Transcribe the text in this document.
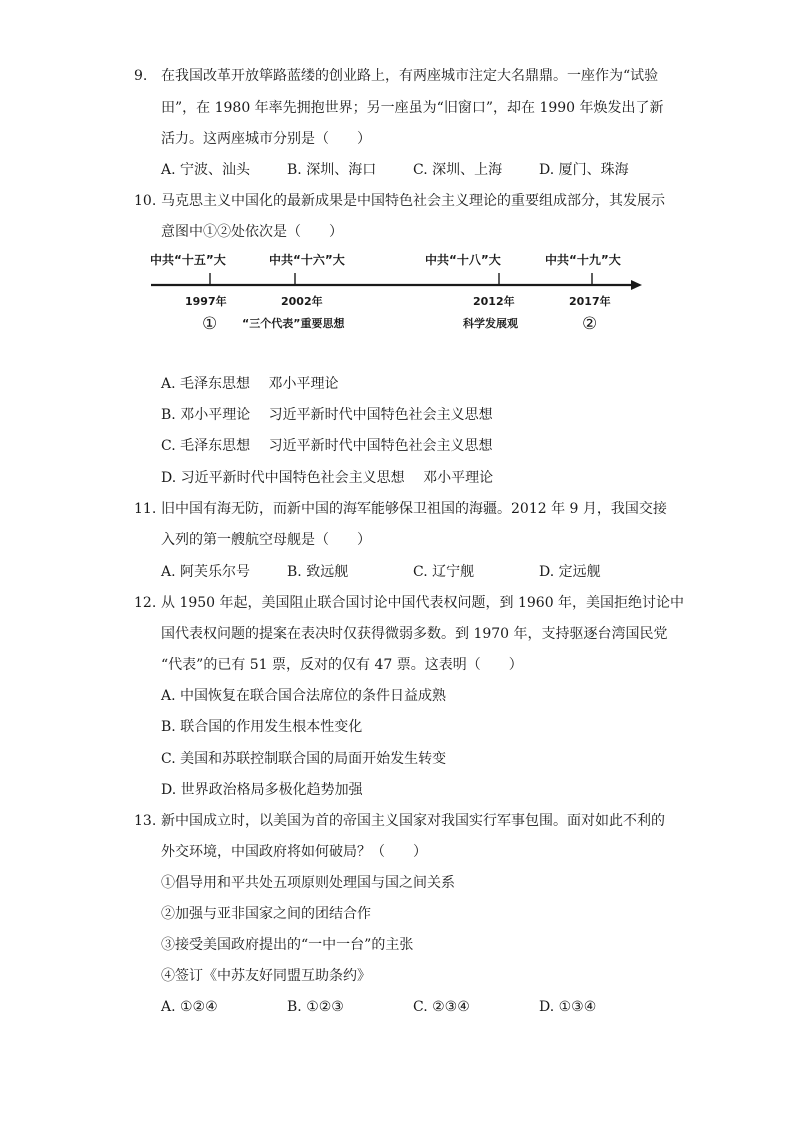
9. 在我国改革开放筚路蓝缕的创业路上，有两座城市注定大名鼎鼎。一座作为“试验
田”，在 1980 年率先拥抱世界；另一座虽为“旧窗口”，却在 1990 年焕发出了新
活力。这两座城市分别是（　　）
A. 宁波、汕头	B. 深圳、海口	C. 深圳、上海	D. 厦门、珠海
10. 马克思主义中国化的最新成果是中国特色社会主义理论的重要组成部分，其发展示
意图中①②处依次是（　　）
中共“十五”大	中共“十六”大	中共“十八”大	中共“十九”大
1997年	2002年	2012年	2017年
① “三个代表”重要思想	科学发展观	②
A. 毛泽东思想　 邓小平理论
B. 邓小平理论　 习近平新时代中国特色社会主义思想
C. 毛泽东思想　 习近平新时代中国特色社会主义思想
D. 习近平新时代中国特色社会主义思想　 邓小平理论
11. 旧中国有海无防，而新中国的海军能够保卫祖国的海疆。2012 年 9 月，我国交接
入列的第一艘航空母舰是（　　）
A. 阿芙乐尔号	B. 致远舰	C. 辽宁舰	D. 定远舰
12. 从 1950 年起，美国阻止联合国讨论中国代表权问题，到 1960 年，美国拒绝讨论中
国代表权问题的提案在表决时仅获得微弱多数。到 1970 年，支持驱逐台湾国民党
“代表”的已有 51 票，反对的仅有 47 票。这表明（　　）
A. 中国恢复在联合国合法席位的条件日益成熟
B. 联合国的作用发生根本性变化
C. 美国和苏联控制联合国的局面开始发生转变
D. 世界政治格局多极化趋势加强
13. 新中国成立时，以美国为首的帝国主义国家对我国实行军事包围。面对如此不利的
外交环境，中国政府将如何破局？（　　）
①倡导用和平共处五项原则处理国与国之间关系
②加强与亚非国家之间的团结合作
③接受美国政府提出的“一中一台”的主张
④签订《中苏友好同盟互助条约》
A. ①②④	B. ①②③	C. ②③④	D. ①③④
